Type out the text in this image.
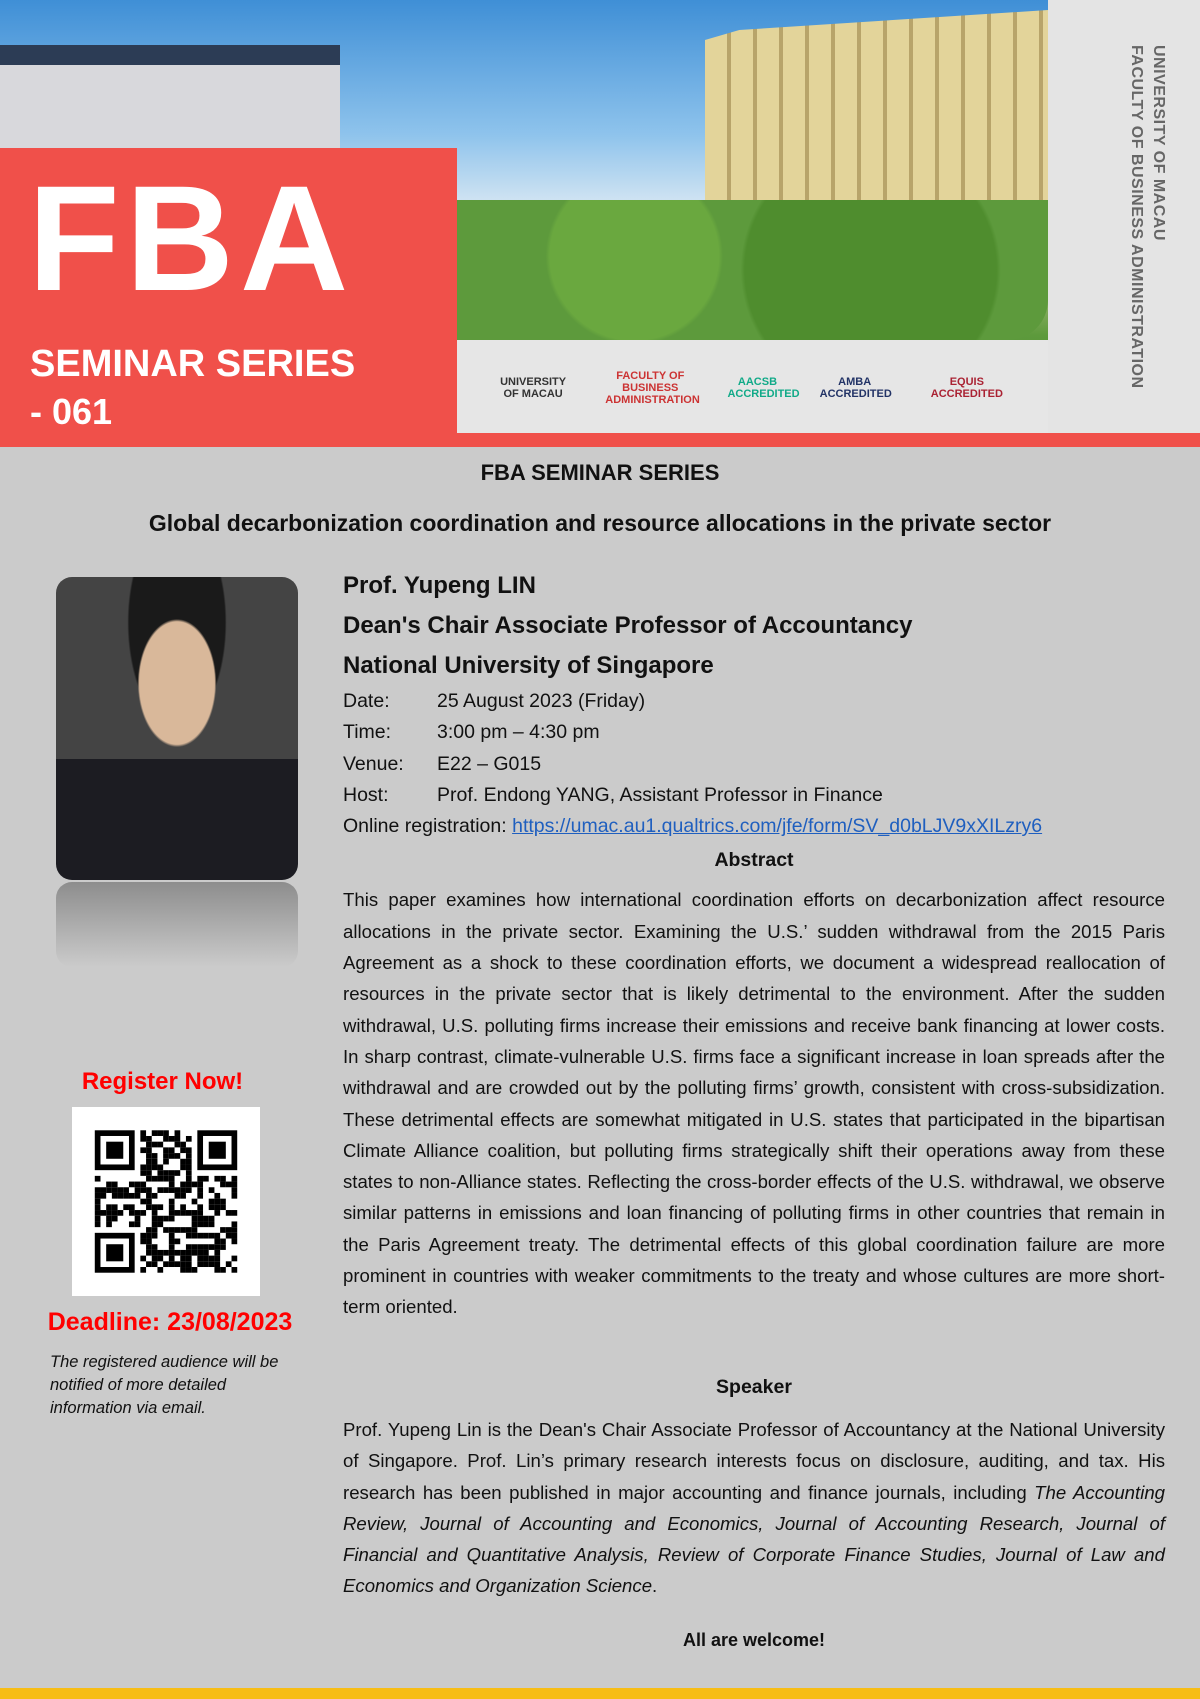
FBA
SEMINAR SERIES
- 061
UNIVERSITY OF MACAU
FACULTY OF BUSINESS ADMINISTRATION
AACSB ACCREDITED
AMBA ACCREDITED
EQUIS ACCREDITED
UNIVERSITY OF MACAU
FACULTY OF BUSINESS ADMINISTRATION
FBA SEMINAR SERIES
Global decarbonization coordination and resource allocations in the private sector
Prof. Yupeng LIN
Dean's Chair Associate Professor of Accountancy
National University of Singapore
Date: 25 August 2023 (Friday)
Time: 3:00 pm – 4:30 pm
Venue: E22 – G015
Host: Prof. Endong YANG, Assistant Professor in Finance
Online registration: https://umac.au1.qualtrics.com/jfe/form/SV_d0bLJV9xXILzry6
Abstract
This paper examines how international coordination efforts on decarbonization affect resource allocations in the private sector. Examining the U.S.’ sudden withdrawal from the 2015 Paris Agreement as a shock to these coordination efforts, we document a widespread reallocation of resources in the private sector that is likely detrimental to the environment. After the sudden withdrawal, U.S. polluting firms increase their emissions and receive bank financing at lower costs. In sharp contrast, climate-vulnerable U.S. firms face a significant increase in loan spreads after the withdrawal and are crowded out by the polluting firms’ growth, consistent with cross-subsidization. These detrimental effects are somewhat mitigated in U.S. states that participated in the bipartisan Climate Alliance coalition, but polluting firms strategically shift their operations away from these states to non-Alliance states. Reflecting the cross-border effects of the U.S. withdrawal, we observe similar patterns in emissions and loan financing of polluting firms in other countries that remain in the Paris Agreement treaty. The detrimental effects of this global coordination failure are more prominent in countries with weaker commitments to the treaty and whose cultures are more short-term oriented.
Speaker
Prof. Yupeng Lin is the Dean's Chair Associate Professor of Accountancy at the National University of Singapore. Prof. Lin’s primary research interests focus on disclosure, auditing, and tax. His research has been published in major accounting and finance journals, including The Accounting Review, Journal of Accounting and Economics, Journal of Accounting Research, Journal of Financial and Quantitative Analysis, Review of Corporate Finance Studies, Journal of Law and Economics and Organization Science.
All are welcome!
Register Now!
Deadline: 23/08/2023
The registered audience will be notified of more detailed information via email.
